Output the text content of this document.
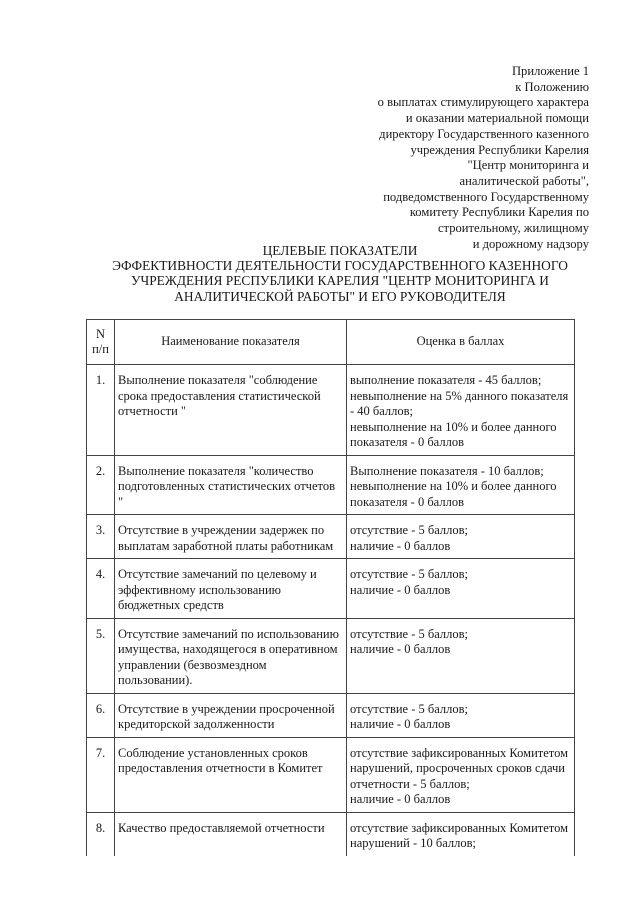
Приложение 1
к Положению
о выплатах стимулирующего характера
и оказании материальной помощи
директору Государственного казенного
учреждения Республики Карелия
"Центр мониторинга и
аналитической работы",
подведомственного Государственному
комитету Республики Карелия по
строительному, жилищному
и дорожному надзору
ЦЕЛЕВЫЕ ПОКАЗАТЕЛИ
ЭФФЕКТИВНОСТИ ДЕЯТЕЛЬНОСТИ ГОСУДАРСТВЕННОГО КАЗЕННОГО
УЧРЕЖДЕНИЯ РЕСПУБЛИКИ КАРЕЛИЯ "ЦЕНТР МОНИТОРИНГА И
АНАЛИТИЧЕСКОЙ РАБОТЫ" И ЕГО РУКОВОДИТЕЛЯ
N
п/п	Наименование показателя	Оценка в баллах
1.	Выполнение показателя "соблюдение срока предоставления статистической отчетности "	выполнение показателя - 45 баллов;
невыполнение на 5% данного показателя - 40 баллов;
невыполнение на 10% и более данного показателя - 0 баллов

2.	Выполнение показателя "количество подготовленных статистических отчетов "	Выполнение показателя - 10 баллов;
невыполнение на 10% и более данного показателя - 0 баллов

3.	Отсутствие в учреждении задержек по выплатам заработной платы работникам	отсутствие - 5 баллов;
наличие - 0 баллов

4.	Отсутствие замечаний по целевому и эффективному использованию бюджетных средств	отсутствие - 5 баллов;
наличие - 0 баллов

5.	Отсутствие замечаний по использованию имущества, находящегося в оперативном управлении (безвозмездном пользовании).	отсутствие - 5 баллов;
наличие - 0 баллов

6.	Отсутствие в учреждении просроченной кредиторской задолженности	отсутствие - 5 баллов;
наличие - 0 баллов

7.	Соблюдение установленных сроков предоставления отчетности в Комитет	отсутствие зафиксированных Комитетом нарушений, просроченных сроков сдачи отчетности - 5 баллов;
наличие - 0 баллов

8.	Качество предоставляемой отчетности	отсутствие зафиксированных Комитетом нарушений - 10 баллов;
